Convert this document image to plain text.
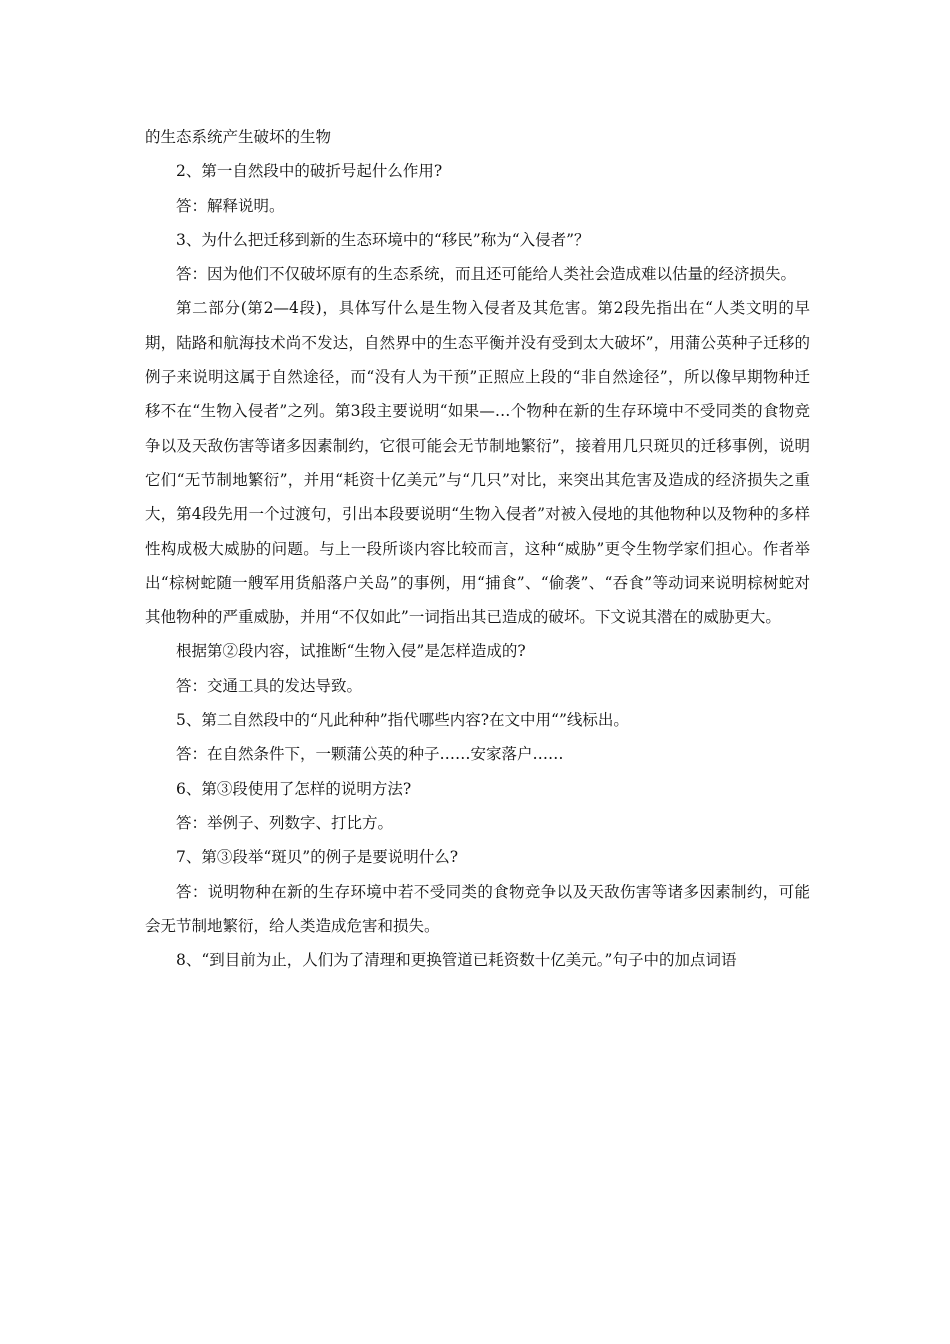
的生态系统产生破坏的生物

2、第一自然段中的破折号起什么作用?

答：解释说明。

3、为什么把迁移到新的生态环境中的“移民”称为“入侵者”？

答：因为他们不仅破坏原有的生态系统，而且还可能给人类社会造成难以估量的经济损失。

第二部分(第2—4段)，具体写什么是生物入侵者及其危害。第2段先指出在“人类文明的早期，陆路和航海技术尚不发达，自然界中的生态平衡并没有受到太大破坏”，用蒲公英种子迁移的例子来说明这属于自然途径，而“没有人为干预”正照应上段的“非自然途径”，所以像早期物种迁移不在“生物入侵者”之列。第3段主要说明“如果—…个物种在新的生存环境中不受同类的食物竞争以及天敌伤害等诸多因素制约，它很可能会无节制地繁衍”，接着用几只斑贝的迁移事例，说明它们“无节制地繁衍”，并用“耗资十亿美元”与“几只”对比，来突出其危害及造成的经济损失之重大，第4段先用一个过渡句，引出本段要说明“生物入侵者”对被入侵地的其他物种以及物种的多样性构成极大威胁的问题。与上一段所谈内容比较而言，这种“威胁”更令生物学家们担心。作者举出“棕树蛇随一艘军用货船落户关岛”的事例，用“捕食”、“偷袭”、“吞食”等动词来说明棕树蛇对其他物种的严重威胁，并用“不仅如此”一词指出其已造成的破坏。下文说其潜在的威胁更大。

根据第②段内容，试推断“生物入侵”是怎样造成的?

答：交通工具的发达导致。

5、第二自然段中的“凡此种种”指代哪些内容?在文中用“”线标出。

答：在自然条件下，一颗蒲公英的种子……安家落户……

6、第③段使用了怎样的说明方法?

答：举例子、列数字、打比方。

7、第③段举“斑贝”的例子是要说明什么?

答：说明物种在新的生存环境中若不受同类的食物竞争以及天敌伤害等诸多因素制约，可能会无节制地繁衍，给人类造成危害和损失。

8、“到目前为止，人们为了清理和更换管道已耗资数十亿美元。”句子中的加点词语
